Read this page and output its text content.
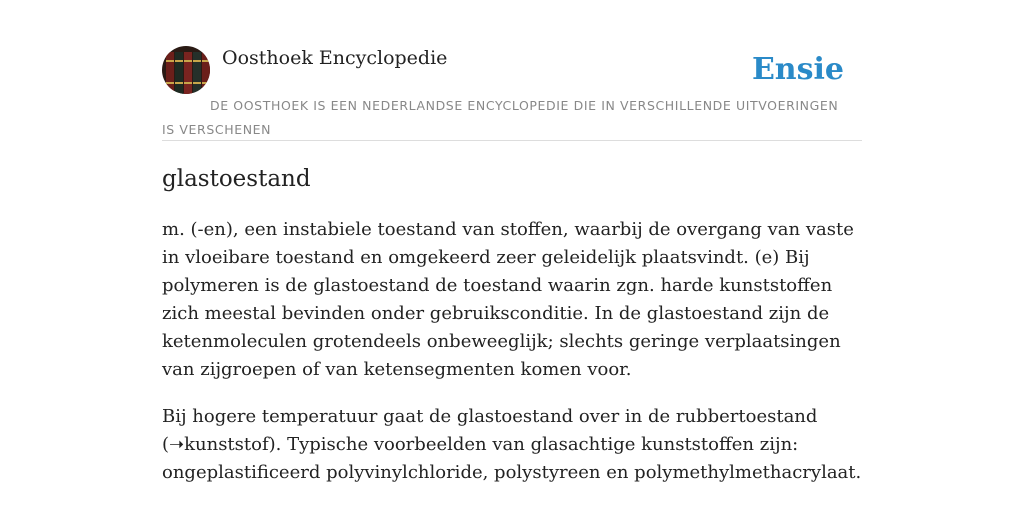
Oosthoek Encyclopedie	Ensie
DE OOSTHOEK IS EEN NEDERLANDSE ENCYCLOPEDIE DIE IN VERSCHILLENDE UITVOERINGEN IS VERSCHENEN
glastoestand

m. (-en), een instabiele toestand van stoffen, waarbij de overgang van vaste in vloeibare toestand en omgekeerd zeer geleidelijk plaatsvindt. (e) Bij polymeren is de glastoestand de toestand waarin zgn. harde kunststoffen zich meestal bevinden onder gebruiksconditie. In de glastoestand zijn de ketenmoleculen grotendeels onbeweeglijk; slechts geringe verplaatsingen van zijgroepen of van ketensegmenten komen voor.

Bij hogere temperatuur gaat de glastoestand over in de rubbertoestand (➝kunststof). Typische voorbeelden van glasachtige kunststoffen zijn: ongeplastificeerd polyvinylchloride, polystyreen en polymethylmethacrylaat.
